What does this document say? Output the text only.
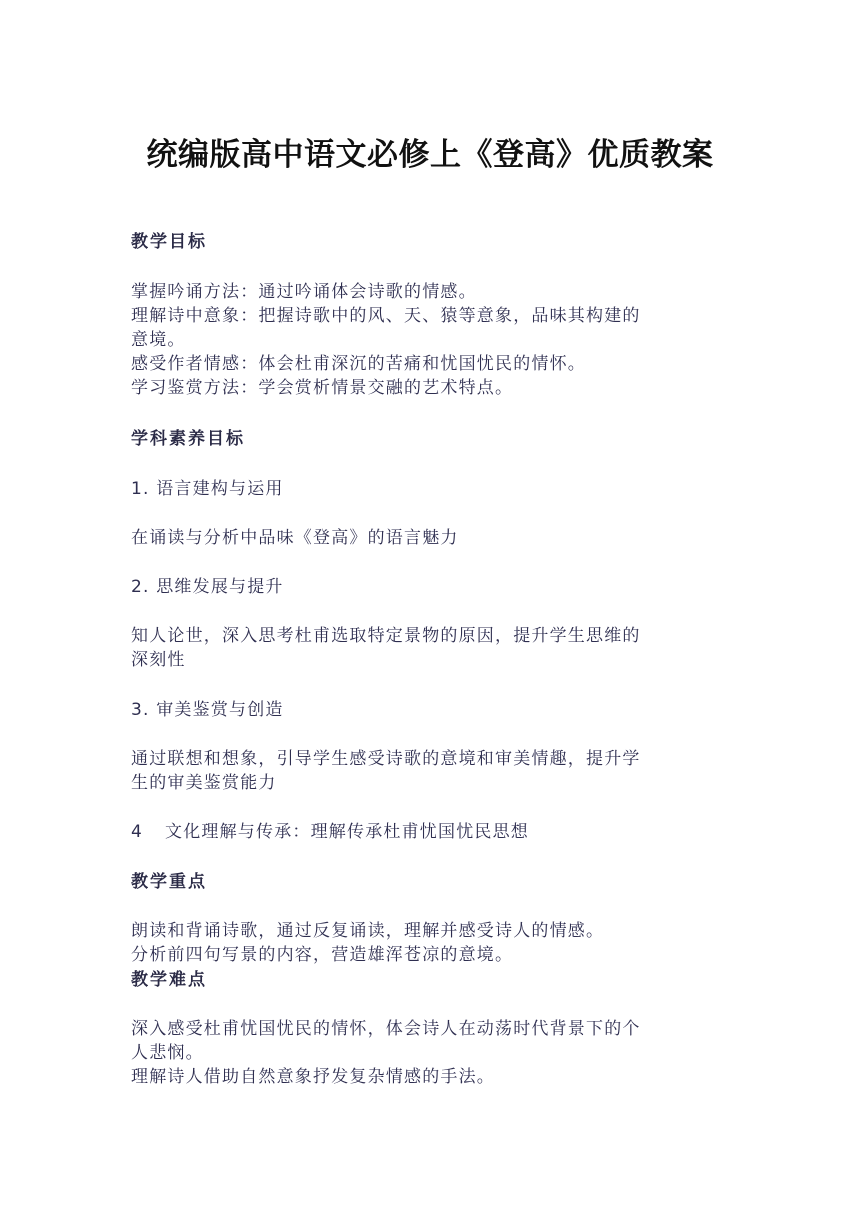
统编版高中语文必修上《登高》优质教案
教学目标
掌握吟诵方法：通过吟诵体会诗歌的情感。
理解诗中意象：把握诗歌中的风、天、猿等意象，品味其构建的
意境。
感受作者情感：体会杜甫深沉的苦痛和忧国忧民的情怀。
学习鉴赏方法：学会赏析情景交融的艺术特点。
学科素养目标
1. 语言建构与运用
在诵读与分析中品味《登高》的语言魅力
2. 思维发展与提升
知人论世，深入思考杜甫选取特定景物的原因，提升学生思维的
深刻性
3. 审美鉴赏与创造
通过联想和想象，引导学生感受诗歌的意境和审美情趣，提升学
生的审美鉴赏能力
4 文化理解与传承：理解传承杜甫忧国忧民思想
教学重点
朗读和背诵诗歌，通过反复诵读，理解并感受诗人的情感。
分析前四句写景的内容，营造雄浑苍凉的意境。
教学难点
深入感受杜甫忧国忧民的情怀，体会诗人在动荡时代背景下的个
人悲悯。
理解诗人借助自然意象抒发复杂情感的手法。
